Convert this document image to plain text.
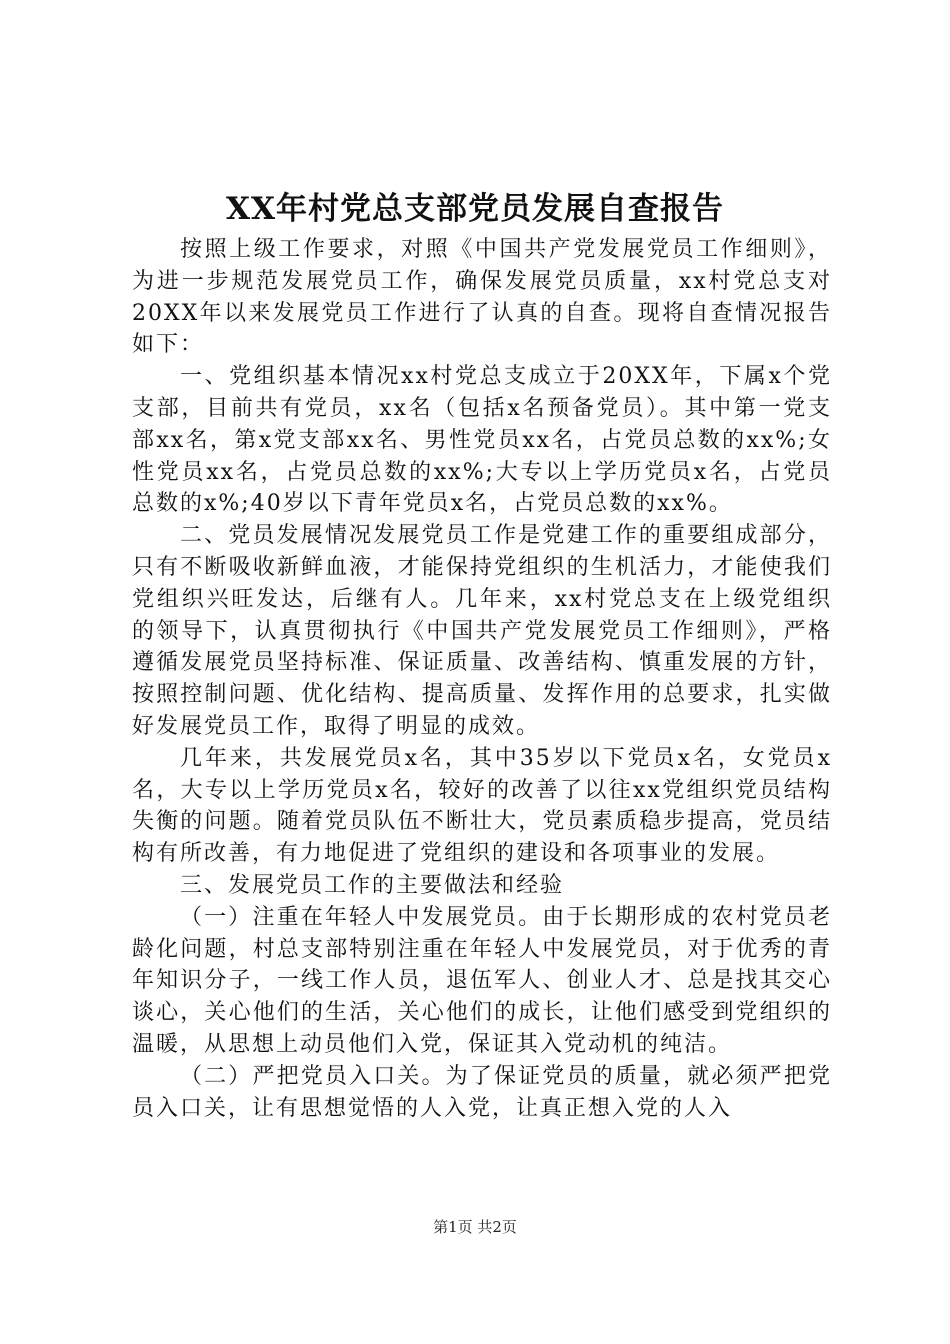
XX年村党总支部党员发展自查报告

按照上级工作要求，对照《中国共产党发展党员工作细则》，为进一步规范发展党员工作，确保发展党员质量，xx村党总支对20XX年以来发展党员工作进行了认真的自查。现将自查情况报告如下：

一、党组织基本情况xx村党总支成立于20XX年，下属x个党支部，目前共有党员，xx名（包括x名预备党员）。其中第一党支部xx名，第x党支部xx名、男性党员xx名，占党员总数的xx%;女性党员xx名，占党员总数的xx%;大专以上学历党员x名，占党员总数的x%;40岁以下青年党员x名，占党员总数的xx%。

二、党员发展情况发展党员工作是党建工作的重要组成部分，只有不断吸收新鲜血液，才能保持党组织的生机活力，才能使我们党组织兴旺发达，后继有人。几年来，xx村党总支在上级党组织的领导下，认真贯彻执行《中国共产党发展党员工作细则》，严格遵循发展党员坚持标准、保证质量、改善结构、慎重发展的方针，按照控制问题、优化结构、提高质量、发挥作用的总要求，扎实做好发展党员工作，取得了明显的成效。

几年来，共发展党员x名，其中35岁以下党员x名，女党员x名，大专以上学历党员x名，较好的改善了以往xx党组织党员结构失衡的问题。随着党员队伍不断壮大，党员素质稳步提高，党员结构有所改善，有力地促进了党组织的建设和各项事业的发展。

三、发展党员工作的主要做法和经验

（一）注重在年轻人中发展党员。由于长期形成的农村党员老龄化问题，村总支部特别注重在年轻人中发展党员，对于优秀的青年知识分子，一线工作人员，退伍军人、创业人才、总是找其交心谈心，关心他们的生活，关心他们的成长，让他们感受到党组织的温暖，从思想上动员他们入党，保证其入党动机的纯洁。

（二）严把党员入口关。为了保证党员的质量，就必须严把党员入口关，让有思想觉悟的人入党，让真正想入党的人入

第1页 共2页
